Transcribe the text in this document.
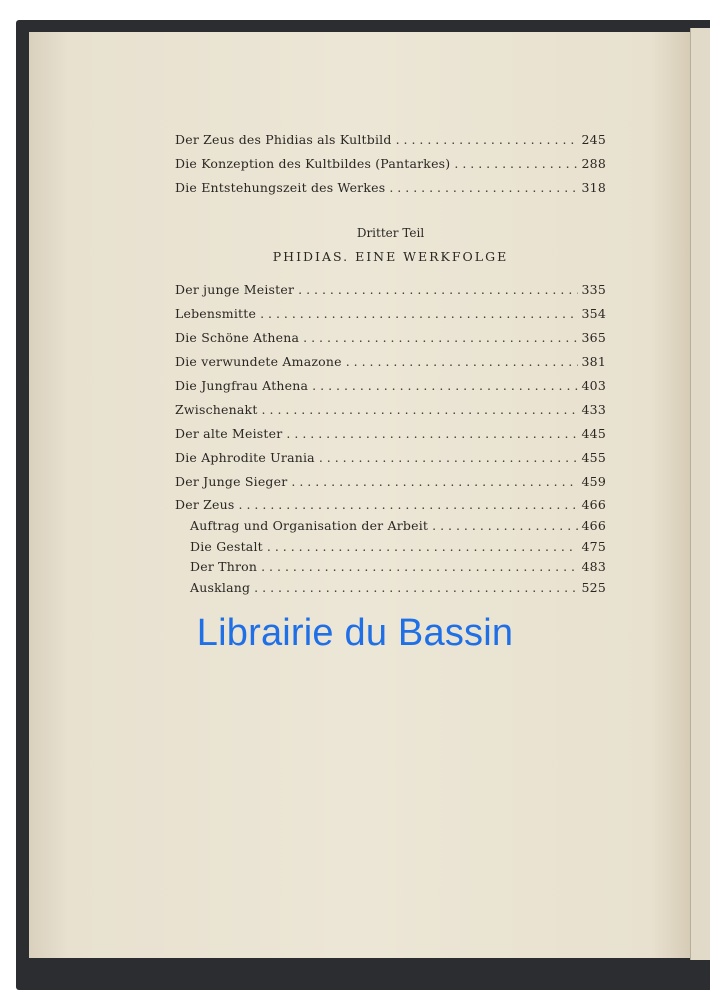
Der Zeus des Phidias als Kultbild . . .	245
Die Konzeption des Kultbildes (Pantarkes) . . .	288
Die Entstehungszeit des Werkes . . .	318
Dritter Teil
PHIDIAS. EINE WERKFOLGE
Der junge Meister . . .	335
Lebensmitte . . .	354
Die Schöne Athena . . .	365
Die verwundete Amazone . . .	381
Die Jungfrau Athena . . .	403
Zwischenakt . . .	433
Der alte Meister . . .	445
Die Aphrodite Urania . . .	455
Der Junge Sieger . . .	459
Der Zeus . . .	466
Auftrag und Organisation der Arbeit . . .	466
Die Gestalt . . .	475
Der Thron . . .	483
Ausklang . . .	525
Librairie du Bassin
